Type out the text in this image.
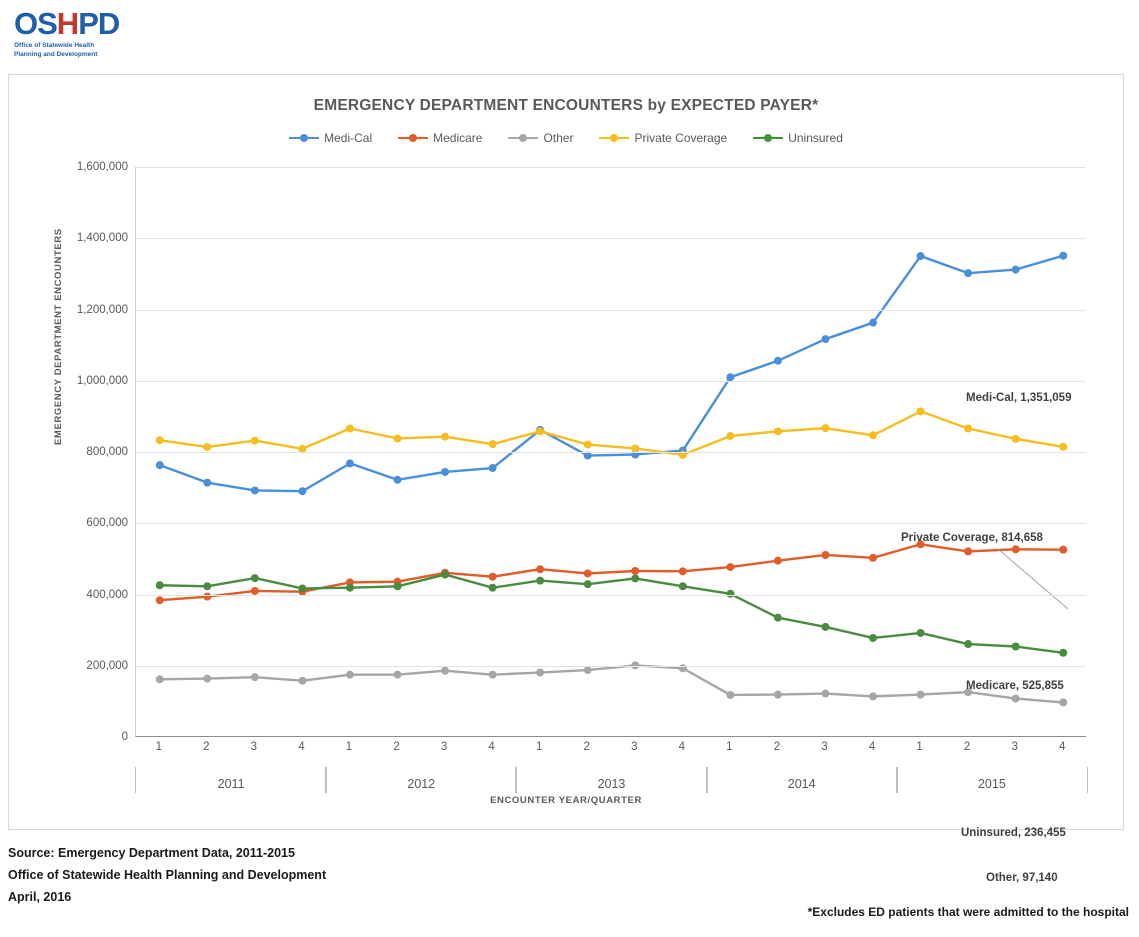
OSHPD
Office of Statewide Health
Planning and Development
EMERGENCY DEPARTMENT ENCOUNTERS by EXPECTED PAYER*
Medi-Cal	Medicare	Other	Private Coverage	Uninsured
EMERGENCY DEPARTMENT ENCOUNTERS
ENCOUNTER YEAR/QUARTER
0
200,000
400,000
600,000
800,000
1,000,000
1,200,000
1,400,000
1,600,000
Medi-Cal, 1,351,059
Medicare, 525,855
Other, 97,140
Private Coverage, 814,658
Uninsured, 236,455
1	2	3	4	1	2	3	4	1	2	3	4	1	2	3	4	1	2	3	4
2011	2012	2013	2014	2015
Source: Emergency Department Data, 2011-2015
Office of Statewide Health Planning and Development
April, 2016
*Excludes ED patients that were admitted to the hospital
